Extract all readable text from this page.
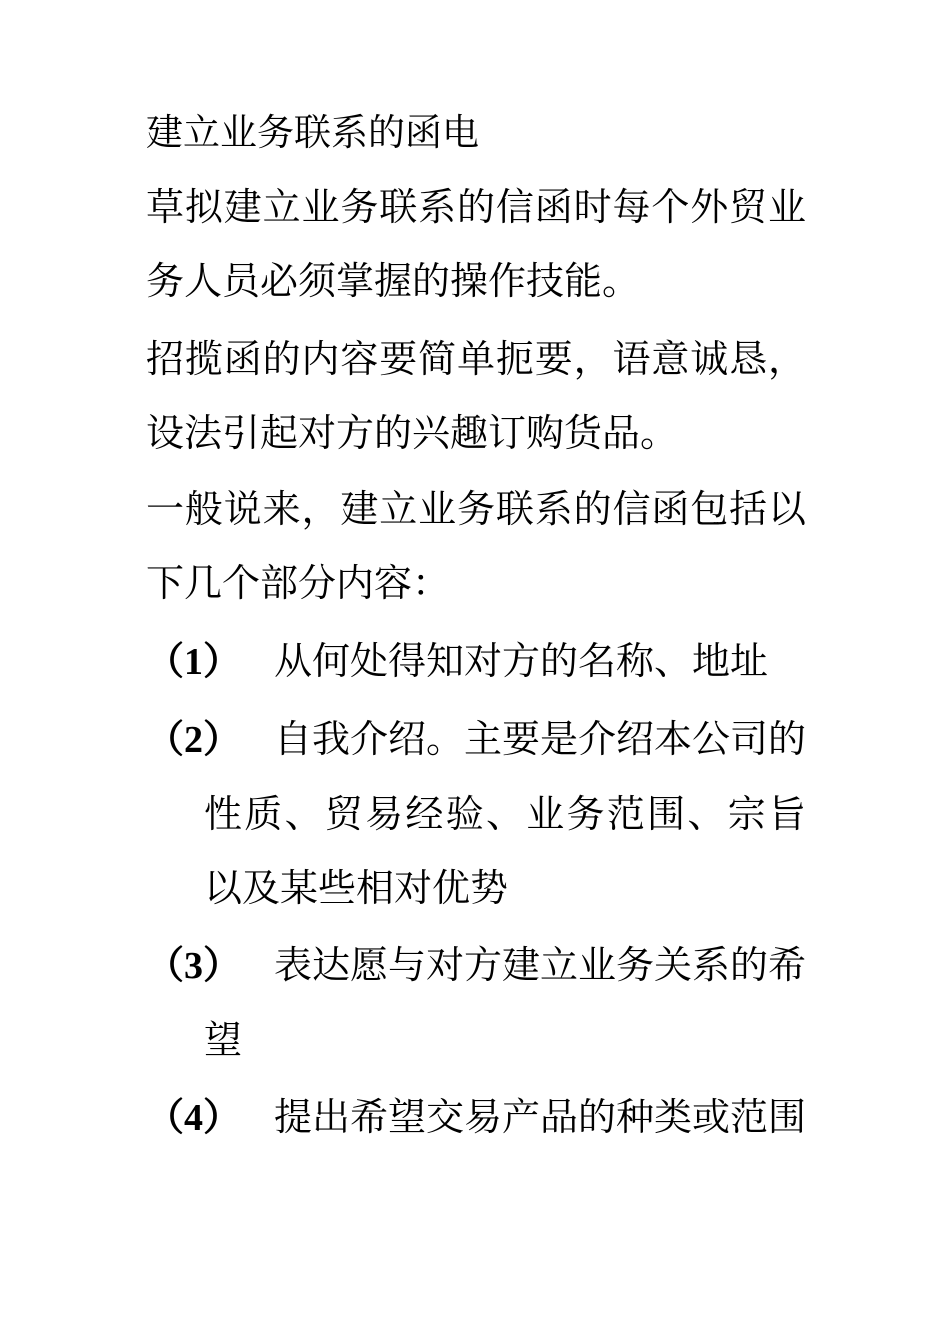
建立业务联系的函电
草拟建立业务联系的信函时每个外贸业务人员必须掌握的操作技能。
招揽函的内容要简单扼要，语意诚恳，设法引起对方的兴趣订购货品。
一般说来，建立业务联系的信函包括以下几个部分内容：
（1） 从何处得知对方的名称、地址
（2） 自我介绍。主要是介绍本公司的性质、贸易经验、业务范围、宗旨以及某些相对优势
（3） 表达愿与对方建立业务关系的希望
（4） 提出希望交易产品的种类或范围
